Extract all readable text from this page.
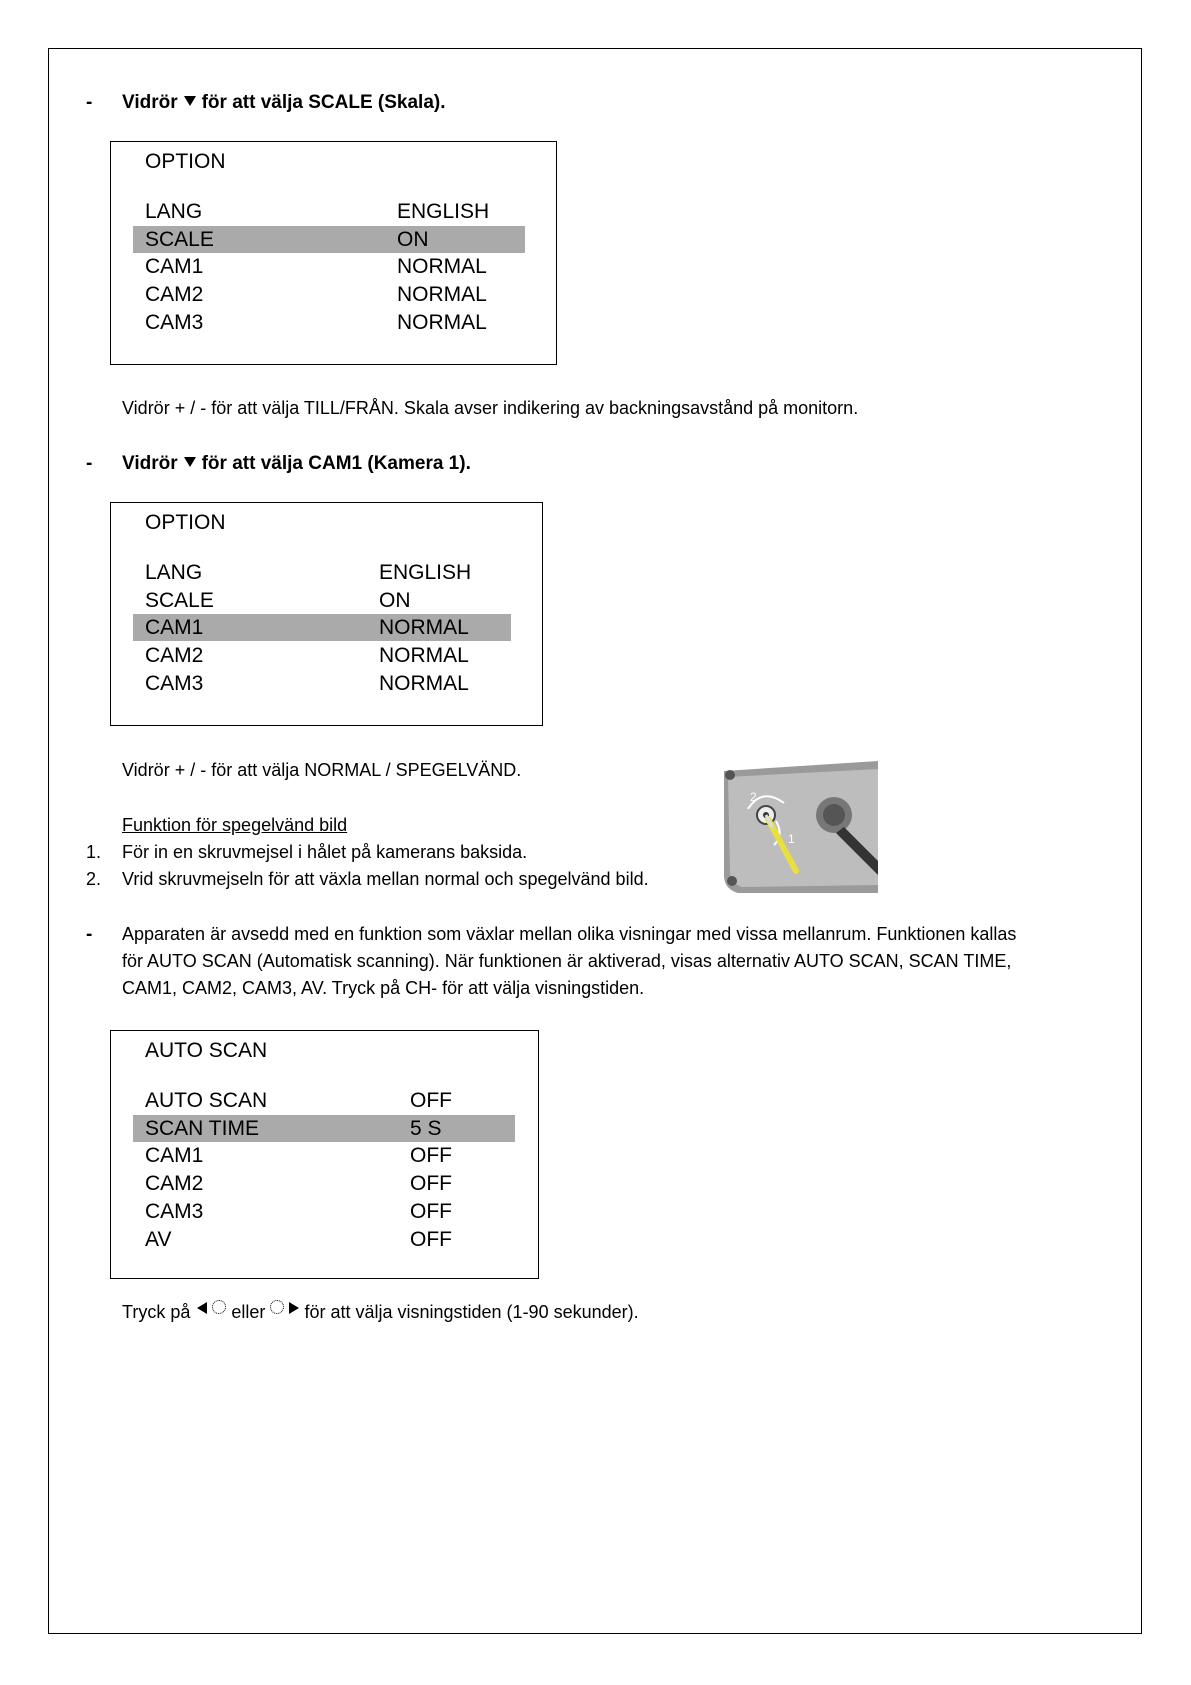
- Vidrör för att välja SCALE (Skala).
OPTION
LANG	ENGLISH
SCALE	ON
CAM1	NORMAL
CAM2	NORMAL
CAM3	NORMAL
Vidrör + / - för att välja TILL/FRÅN. Skala avser indikering av backningsavstånd på monitorn.
- Vidrör för att välja CAM1 (Kamera 1).
OPTION
LANG	ENGLISH
SCALE	ON
CAM1	NORMAL
CAM2	NORMAL
CAM3	NORMAL
Vidrör + / - för att välja NORMAL / SPEGELVÄND.
Funktion för spegelvänd bild
1. För in en skruvmejsel i hålet på kamerans baksida.
2. Vrid skruvmejseln för att växla mellan normal och spegelvänd bild.
2
1
- Apparaten är avsedd med en funktion som växlar mellan olika visningar med vissa mellanrum. Funktionen kallas
för AUTO SCAN (Automatisk scanning). När funktionen är aktiverad, visas alternativ AUTO SCAN, SCAN TIME,
CAM1, CAM2, CAM3, AV. Tryck på CH- för att välja visningstiden.
AUTO SCAN
AUTO SCAN	OFF
SCAN TIME	5 S
CAM1	OFF
CAM2	OFF
CAM3	OFF
AV	OFF
Tryck på eller för att välja visningstiden (1-90 sekunder).
